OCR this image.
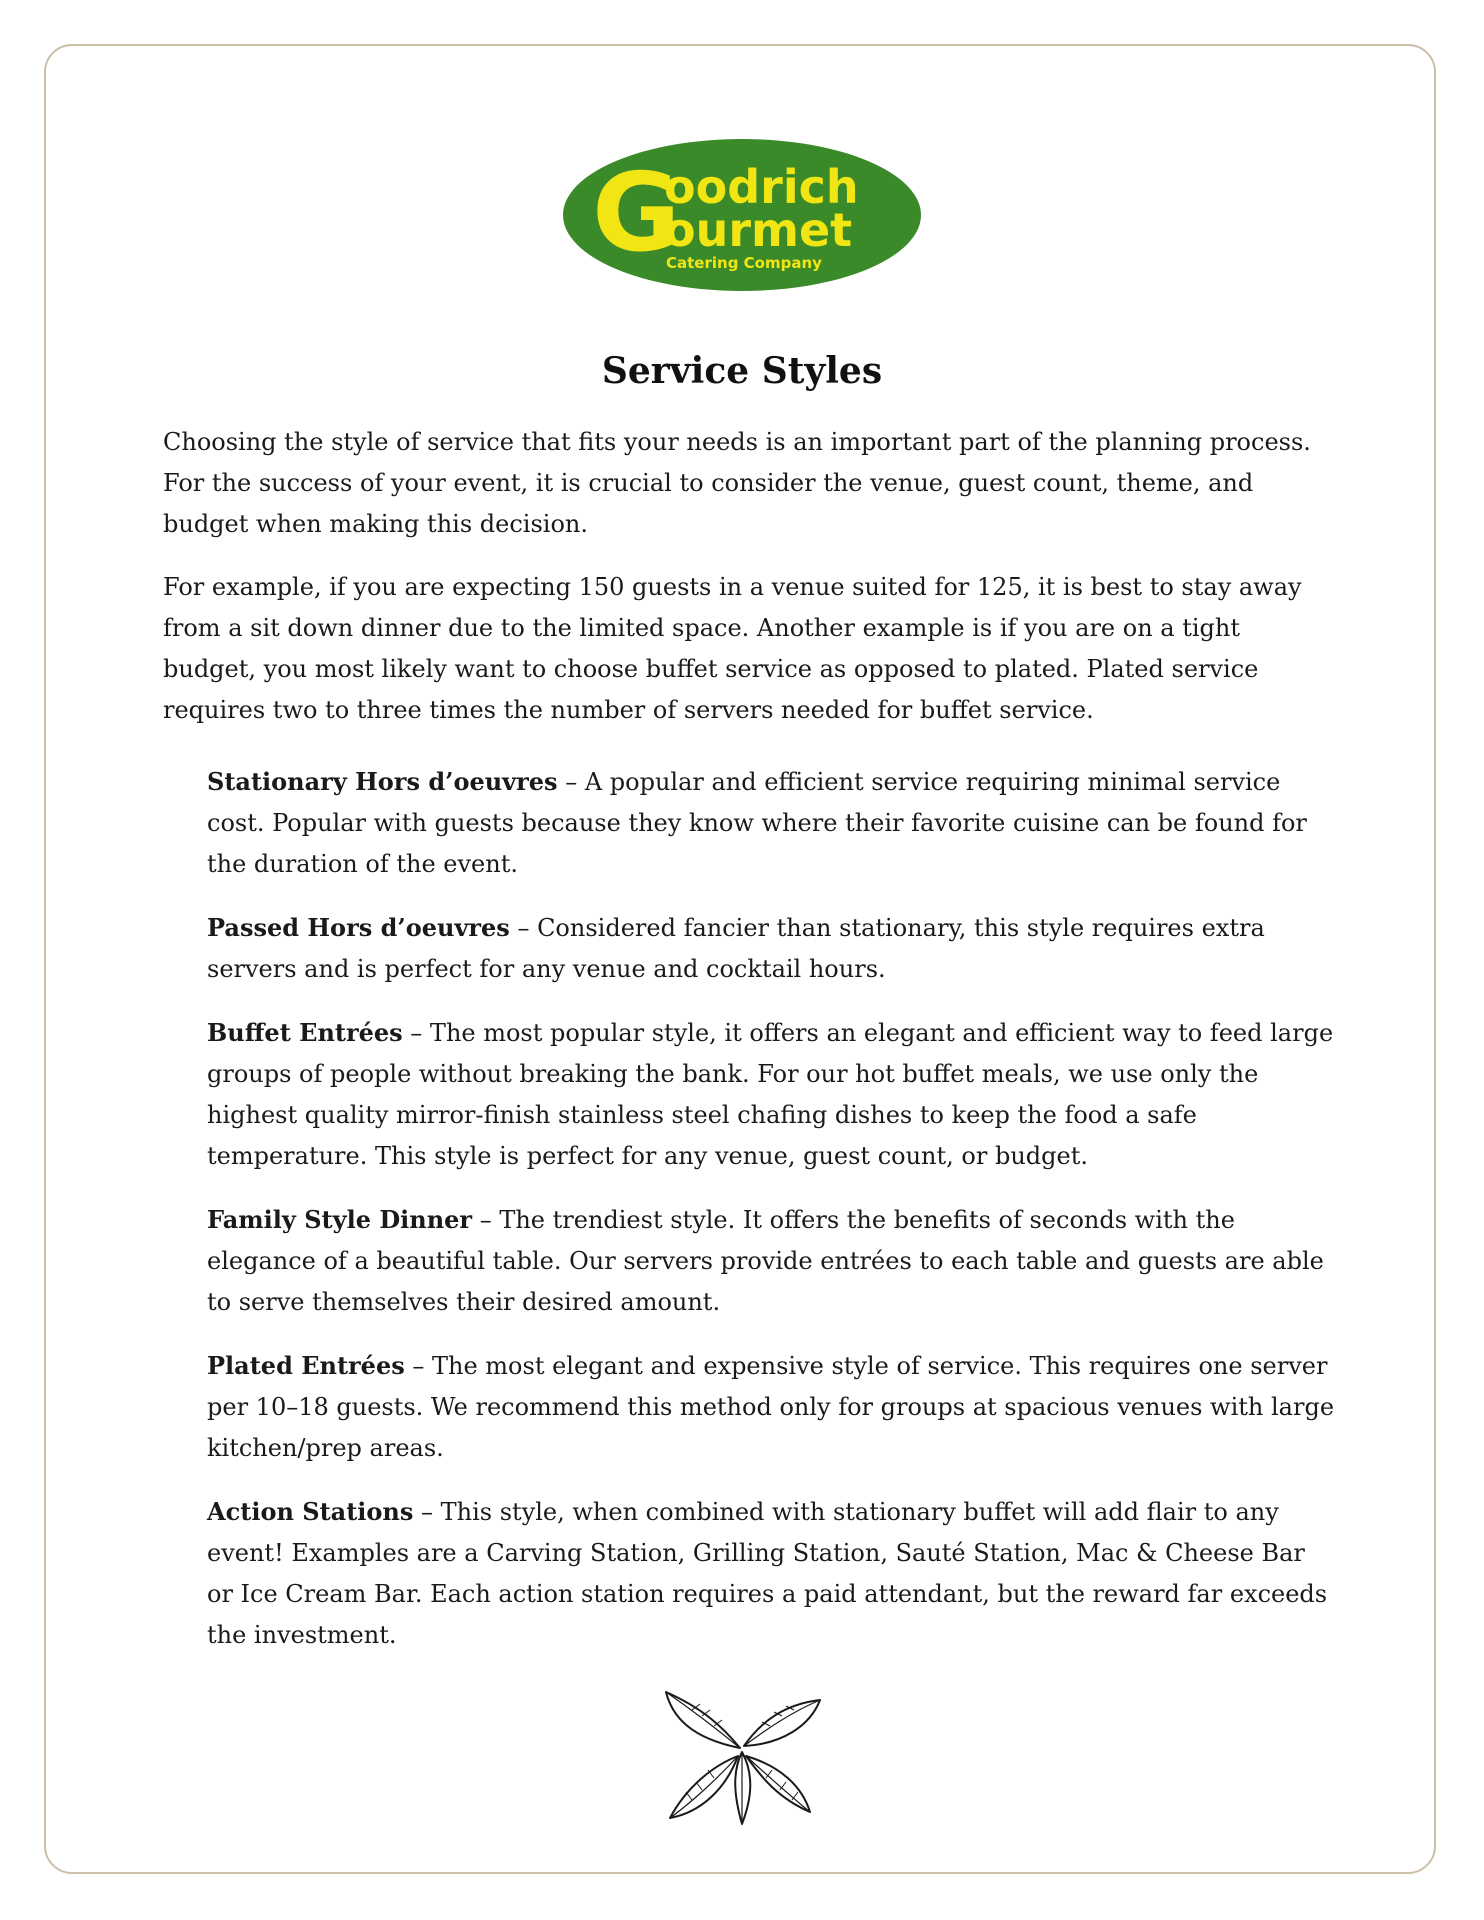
G
oodrich
ourmet
Catering Company
Service Styles

Choosing the style of service that fits your needs is an important part of the planning process. For the success of your event, it is crucial to consider the venue, guest count, theme, and budget when making this decision.

For example, if you are expecting 150 guests in a venue suited for 125, it is best to stay away from a sit down dinner due to the limited space. Another example is if you are on a tight budget, you most likely want to choose buffet service as opposed to plated. Plated service requires two to three times the number of servers needed for buffet service.

Stationary Hors d’oeuvres – A popular and efficient service requiring minimal service cost. Popular with guests because they know where their favorite cuisine can be found for the duration of the event.

Passed Hors d’oeuvres – Considered fancier than stationary, this style requires extra servers and is perfect for any venue and cocktail hours.

Buffet Entrées – The most popular style, it offers an elegant and efficient way to feed large groups of people without breaking the bank. For our hot buffet meals, we use only the highest quality mirror-finish stainless steel chafing dishes to keep the food a safe temperature. This style is perfect for any venue, guest count, or budget.

Family Style Dinner – The trendiest style. It offers the benefits of seconds with the elegance of a beautiful table. Our servers provide entrées to each table and guests are able to serve themselves their desired amount.

Plated Entrées – The most elegant and expensive style of service. This requires one server per 10–18 guests. We recommend this method only for groups at spacious venues with large kitchen/prep areas.

Action Stations – This style, when combined with stationary buffet will add flair to any event! Examples are a Carving Station, Grilling Station, Sauté Station, Mac & Cheese Bar or Ice Cream Bar. Each action station requires a paid attendant, but the reward far exceeds the investment.
